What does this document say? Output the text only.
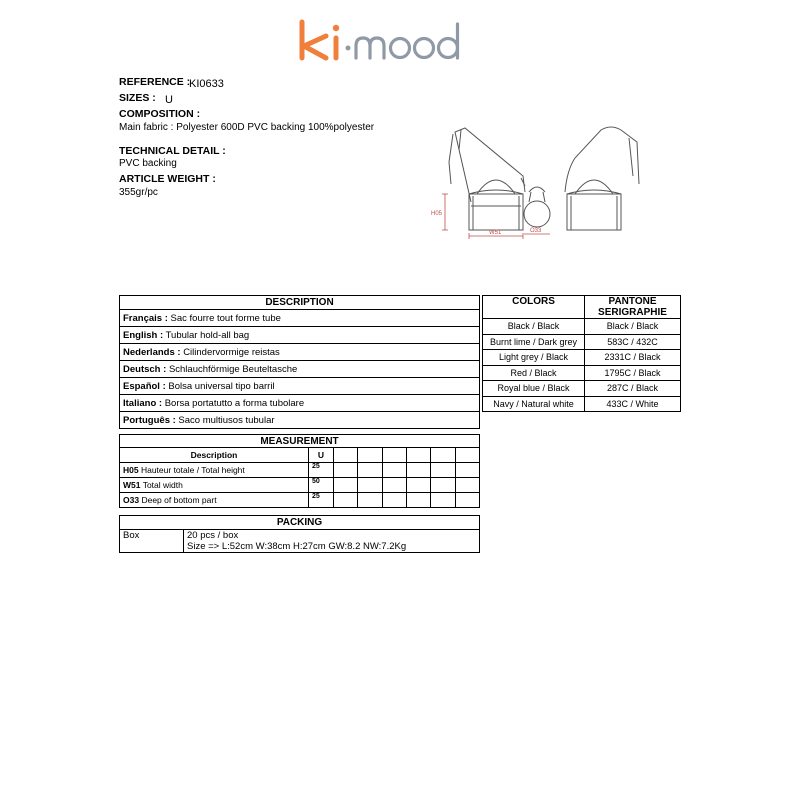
REFERENCE :
KI0633
SIZES : U
COMPOSITION :
Main fabric : Polyester 600D PVC backing 100%polyester
TECHNICAL DETAIL :
PVC backing
ARTICLE WEIGHT :
355gr/pc
H05
W51	O33
DESCRIPTION
Français : Sac fourre tout forme tube
English : Tubular hold-all bag
Nederlands : Cilindervormige reistas
Deutsch : Schlauchförmige Beuteltasche
Español : Bolsa universal tipo barril
Italiano : Borsa portatutto a forma tubolare
Português : Saco multiusos tubular
COLORS	PANTONE SERIGRAPHIE
Black / Black	Black / Black
Burnt lime / Dark grey	583C / 432C
Light grey / Black	2331C / Black
Red / Black	1795C / Black
Royal blue / Black	287C / Black
Navy / Natural white	433C / White
MEASUREMENT							
Description	U						
H05 Hauteur totale / Total height	25						
W51 Total width	50						
O33 Deep of bottom part	25						
PACKING
Box	20 pcs / box
Size => L:52cm W:38cm H:27cm GW:8.2 NW:7.2Kg
